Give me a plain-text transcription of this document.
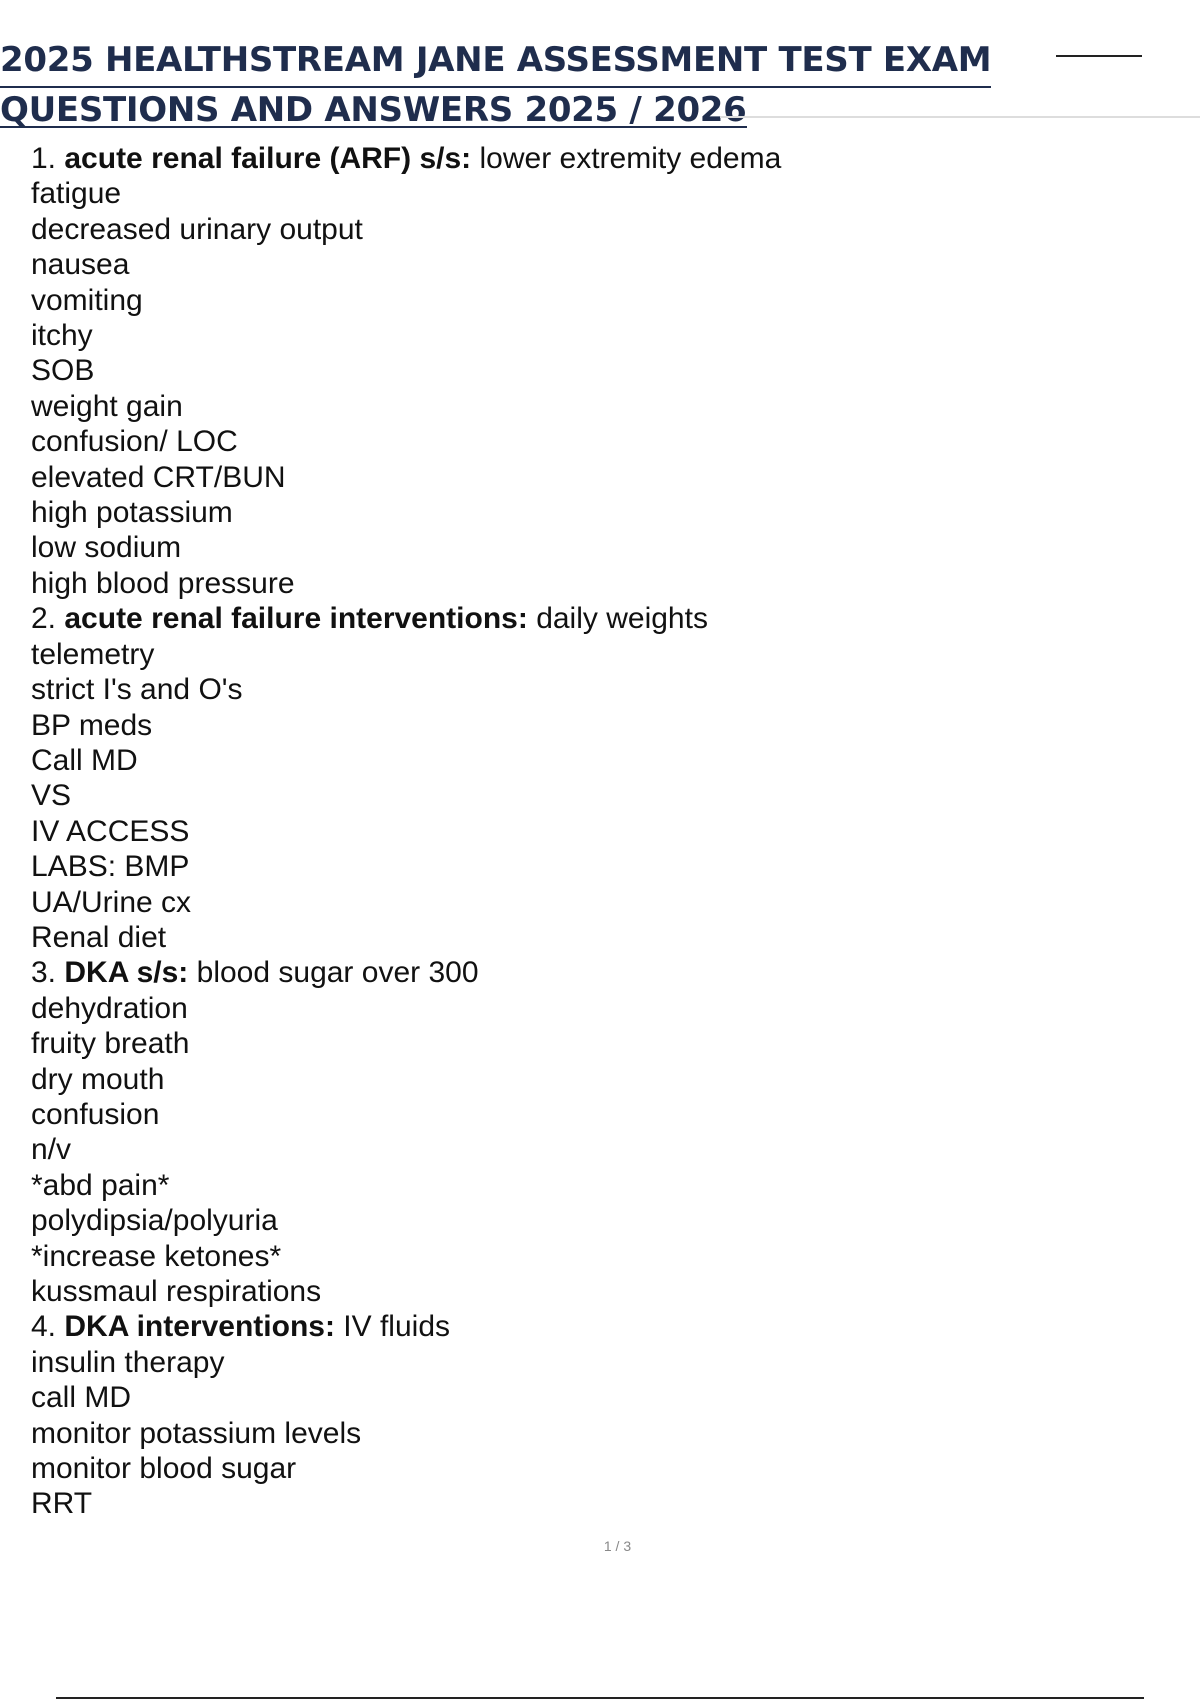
2025 HEALTHSTREAM JANE ASSESSMENT TEST EXAM
QUESTIONS AND ANSWERS 2025 / 2026
1. acute renal failure (ARF) s/s: lower extremity edema
fatigue
decreased urinary output
nausea
vomiting
itchy
SOB
weight gain
confusion/ LOC
elevated CRT/BUN
high potassium
low sodium
high blood pressure
2. acute renal failure interventions: daily weights
telemetry
strict I's and O's
BP meds
Call MD
VS
IV ACCESS
LABS: BMP
UA/Urine cx
Renal diet
3. DKA s/s: blood sugar over 300
dehydration
fruity breath
dry mouth
confusion
n/v
*abd pain*
polydipsia/polyuria
*increase ketones*
kussmaul respirations
4. DKA interventions: IV fluids
insulin therapy
call MD
monitor potassium levels
monitor blood sugar
RRT
1 / 3
